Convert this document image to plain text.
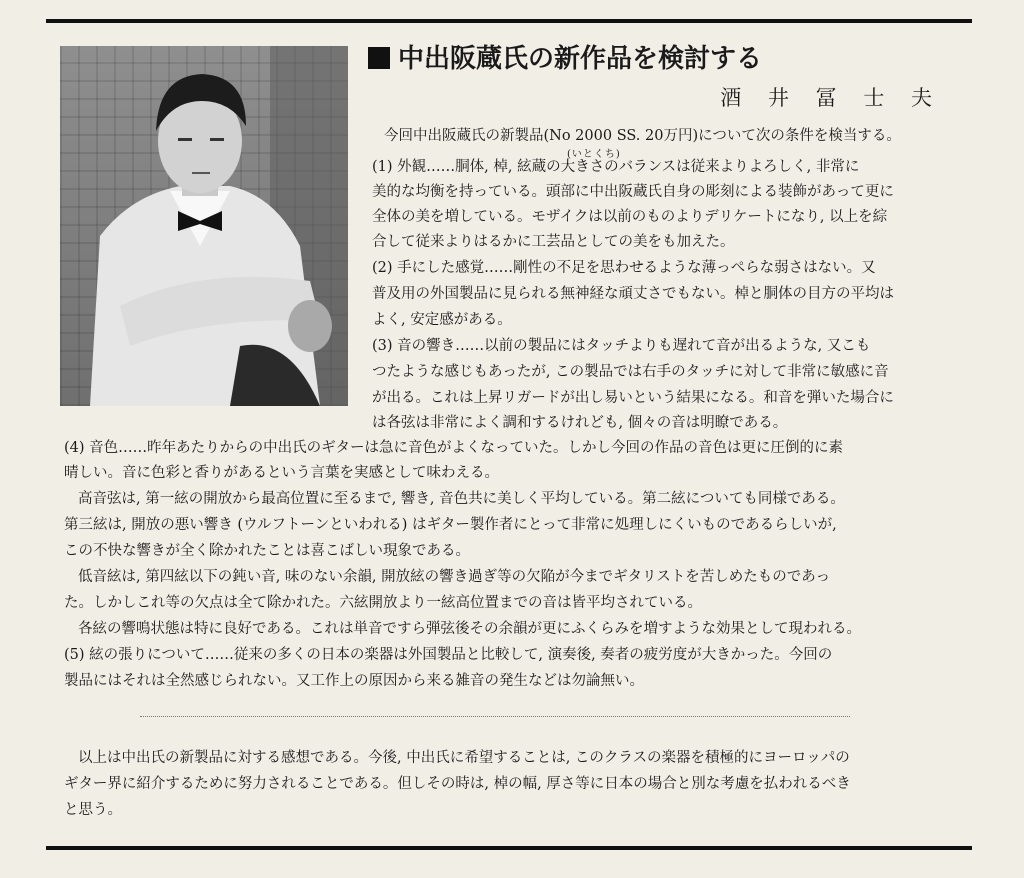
中出阪蔵氏の新作品を検討する
酒 井 冨 士 夫
(いとくち)
今回中出阪蔵氏の新製品(No 2000 SS. 20万円)について次の条件を検当する。
(1) 外観……胴体, 棹, 絃蔵の大きさのバランスは従来よりよろしく, 非常に
美的な均衡を持っている。頭部に中出阪蔵氏自身の彫刻による装飾があって更に
全体の美を増している。モザイクは以前のものよりデリケートになり, 以上を綜
合して従来よりはるかに工芸品としての美をも加えた。
(2) 手にした感覚……剛性の不足を思わせるような薄っぺらな弱さはない。又
普及用の外国製品に見られる無神経な頑丈さでもない。棹と胴体の目方の平均は
よく, 安定感がある。
(3) 音の響き……以前の製品にはタッチよりも遅れて音が出るような, 又こも
つたような感じもあったが, この製品では右手のタッチに対して非常に敏感に音
が出る。これは上昇リガードが出し易いという結果になる。和音を弾いた場合に
は各弦は非常によく調和するけれども, 個々の音は明瞭である。
(4) 音色……昨年あたりからの中出氏のギターは急に音色がよくなっていた。しかし今回の作品の音色は更に圧倒的に素
晴しい。音に色彩と香りがあるという言葉を実感として味わえる。
高音弦は, 第一絃の開放から最高位置に至るまで, 響き, 音色共に美しく平均している。第二絃についても同様である。
第三絃は, 開放の悪い響き (ウルフトーンといわれる) はギター製作者にとって非常に処理しにくいものであるらしいが,
この不快な響きが全く除かれたことは喜こばしい現象である。
低音絃は, 第四絃以下の鈍い音, 味のない余韻, 開放絃の響き過ぎ等の欠陥が今までギタリストを苦しめたものであっ
た。しかしこれ等の欠点は全て除かれた。六絃開放より一絃高位置までの音は皆平均されている。
各絃の響鳴状態は特に良好である。これは単音ですら弾弦後その余韻が更にふくらみを増すような効果として現われる。
(5) 絃の張りについて……従来の多くの日本の楽器は外国製品と比較して, 演奏後, 奏者の疲労度が大きかった。今回の
製品にはそれは全然感じられない。又工作上の原因から来る雑音の発生などは勿論無い。
以上は中出氏の新製品に対する感想である。今後, 中出氏に希望することは, このクラスの楽器を積極的にヨーロッパの
ギター界に紹介するために努力されることである。但しその時は, 棹の幅, 厚さ等に日本の場合と別な考慮を払われるべき
と思う。
